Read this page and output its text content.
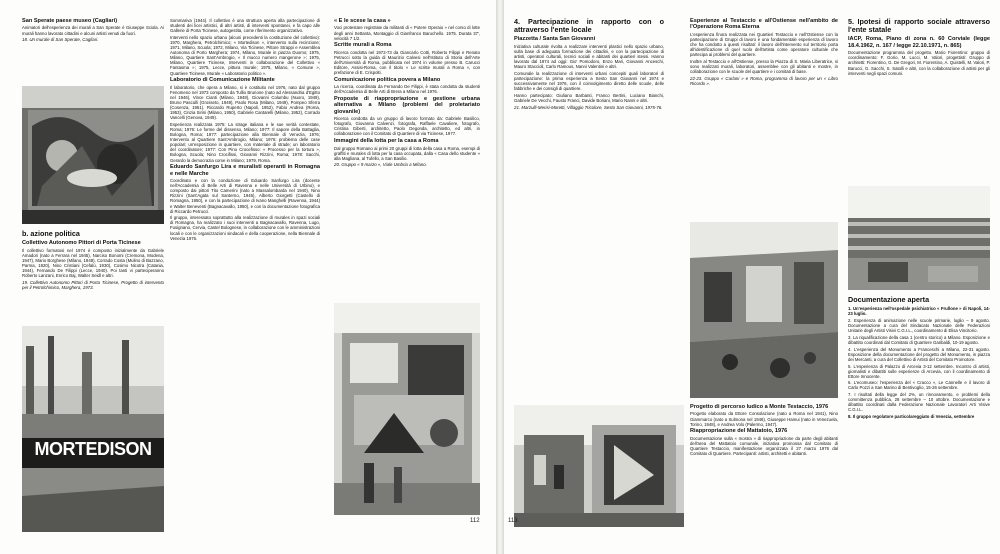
San Sperate paese museo (Cagliari)

Animatori dell'esperienza dei murali a San Sperate è Giuseppe Sciola. Ai murali hanno lavorato cittadini e alcuni artisti venuti da fuori.

18. Un murale di San Sperate, Cagliari.
b. azione politica
Collettivo Autonomo Pittori di Porta Ticinese

Il collettivo formatosi nel 1974 è composto inizialmente da Gabriele Amadori (nato a Ferrara nel 1945), Narciso Bonomi (Cremona, Modena, 1947), Mario Borghese (Milano, 1948), Corrado Costa (Mulino di Bazzano, Parma, 1920), Nino Cristiani (Cefalù, 1930), Cosimo Nicotra (Catania, 1944), Fernando De Filippi (Lecce, 1940). Poi tanti vi parteciperanno Roberto Lanzani, Enrico Baj, Walter Seidl e altri.

19. Collettivo Autonomo Pittori di Porta Ticinese, Progetto di intervento per il Petrolchimico, Marghera, 1973.
MORTEDISON

Sommariva (1944). Il collettivo è una struttura aperta alla partecipazione di studenti dei licei artistici, di altri artisti, di interventi spontanei, e fa capo alle Gallerie di Porta Ticinese, autogestita, come riferimento organizzativo.

Interventi nello spazio urbano (alcuni precedenti la costituzione del collettivo): 1970, Marghera, Petrolchimico; « Mortedison », intervento sulla recinzione; 1971, Milano, Scuola; 1972, Milano, Via Ticinese, Pittore Strappi e Assemblea Autonoma di Porto Marghera; 1974, Milano, Murale in piazza Duomo; 1975, Milano, Quartiere Sant'Ambrogio, « Il mucco numero mangerone »; 1975, Milano, Quartiere Ticinese, Interventi in collaborazione del Collettivo « Fantasma »; 1975, Lecce, pittura murale; 1975, Milano, « Comune », Quartiere Ticinese, Murale « Laboratorio politico ».

Laboratorio di Comunicazione Militante

Il laboratorio, che opera a Milano, si è costituito nel 1976, nato dal gruppo Fenomeno nel 1973 composto da Tullio Brunone (nato ad Alessandria d'Egitto nel 1946), Vince Cianti (Milano, 1948), Giovanni Columbu (Nuoro, 1949), Bruno Pasculli (Grosseto, 1949), Paolo Rosa (Milano, 1949), Pompeo Sferra (Cosenza, 1951). Riccardo Ruperto (Napoli, 1952), Fabio Andrea (Roma, 1953), Cinzia Sirini (Milano, 1950), Gabriele Cantarelli (Milano, 1952), Corrado Vancelli (Genova, 1949).

Esperienza realizzata 1975: La strage italiana e le sue verità contestate, Roma; 1976: Le forme del dissenso, Milano; 1977: Il sapore della Battaglia, Bologna, Roma; 1977: partecipazione alla Biennale di Venezia, 1976; Intervento al Quartiere Sant'Ambrogio, Milano; 1976: problema delle case popolari; un'esposizione in quartiere, con materiale di strade; un laboratorio del coordinatore; 1977: Con Pino Crocefisso: « Processo per la tortura », Bologna, Scuola; Nino Crocifissi, Giovanni Rizzini, Roma; 1978: Sacchi, Gerardo la democrazia come in Milano; 1979, Roma.

Eduardo Sanfurgo Lira e muralisti operanti in Romagna e nelle Marche

Coordinato e con la conduzione di Eduardo Sanfurgo Lira (docente nell'Accademia di Belle Arti di Ravenna e nelle Università di Urbino), e composto dai pittori Tito Camerini (nato a Massalombarda nel 1940), Nino Rizzini (Sant'Agata sul Santerno, 1946), Alberto Giorgetti (Castello di Romagna, 1950), e con la partecipazione di Ivano Manghelli (Ravenna, 1944) e Walter Beneventi (Bagnacavallo, 1950), e con la documentazione fotografica di Riccardo Petrucci.

Il gruppo, interessato soprattutto alla realizzazione di murales in spazi sociali di Romagna, ha realizzato i suoi interventi a Bagnacavallo, Ravenna, Lugo, Fusignano, Cervia, Castel Bolognese, in collaborazione con le amministrazioni locali e con le organizzazioni sindacali e della cooperazione, nella Biennale di Venezia 1976.

« E le scese la casa »

Voci protestare registrate da militanti di « Potere Operaio » nel corso di lotte degli anni Settanta, Montaggio di Gianfranco Baruchello. 1975. Durata 37', velocità 7 1/2.

Scritte murali a Roma

Ricerca condotta nel 1972-73 da Giancarlo Cotti, Roberto Filippi e Renato Petrucci sotto la guida di Maurizio Calvesi nell'Istituto di Storia dell'Arte dell'Università di Roma, pubblicata nel 1974 in volume presso B. Carucci Editore, Assisi-Roma, con il titolo « Le scritte murali a Roma », con prefazione di E. Crispolti.

Comunicazione politica povera a Milano

La ricerca, coordinata da Fernando De Filippi, è stata condotta da studenti dell'Accademia di Belle Arti di Brera a Milano nel 1976.

Proposte di riappropriazione e gestione urbana alternativa a Milano (problemi del proletariato giovanile)

Ricerca condotta da un gruppo di lavoro formato da: Gabriele Basilico, fotografo, Giovanna Calvenzi, fotografa, Raffaele Cavaliere, fotografo, Cristina Giberti, architetto, Paolo Degonda, architetto, ed altri, in collaborazione con il Comitato di Quartiere di via Ticinese, 1977.

Immagini della lotta per la casa a Roma

Dal gruppo Romano ai primi 20 gruppi di lotta della casa a Roma, esempi di graffiti e murales di lotta per la casa occupata, dalla « Casa dello studente » alla Magliana, al Tufello, a San Basilio.

20. Gruppo « 9 marzo », Viale Umbria a Milano.
112
4. Partecipazione in rapporto con o attraverso l'ente locale
Piazzetta / Santa San Giovanni

Iniziativa culturale rivolta a realizzare interventi plastici nello spazio urbano, sulla base di adeguata formazione dei cittadini, e con la partecipazione di artisti, operatori culturali, tecnici sociali e abitanti dei quartieri stessi. Hanno lavorato dal 1974 ad oggi: Gio' Pomodoro, Enzo Mari, Giovanni Anceschi, Mauro Staccioli, Carlo Ramous, Nanni Valentini e altri.

Comunale la realizzazione di interventi urbani concepiti quali laboratori di partecipazione: la prima esperienza a Sesto San Giovanni nel 1974 e successivamente nel 1976, con il coinvolgimento diretto delle scuole, delle fabbriche e dei consigli di quartiere.

Hanno partecipato: Giuliano Barbanti, Franco Bertini, Luciano Bianchi, Gabriele De Vecchi, Fausto Franci, Davide Boriani, Mario Nanni e altri.

21. Marzulli-Merisi-Moretti, Villaggio Tricolore, Sesto San Giovanni, 1975-76.
Esperienze al Testaccio e all'Ostiense nell'ambito de l'Operazione Roma Eterna

L'esperienza finora realizzata nei Quartieri Testaccio e nell'Ostiense con la partecipazione di Gruppi di lavoro è una fondamentale esperienza di lavoro che ha condotto a questi risultati: il lavoro dell'intervento sul territorio porta all'identificazione di quel ruolo dell'artista come operatore culturale che partecipa ai problemi del quartiere.

Inoltre al Testaccio e all'Ostiense, presso la Piazza di S. Maria Liberatrice, si sono realizzati murali, laboratori, assemblee con gli abitanti e mostre, in collaborazione con le scuole del quartiere e i comitati di base.

22-23. Gruppo « Carlani » e Roma, programma di lavoro per un « Libro Ricordo ».
Progetto di percorso ludico a Monte Testaccio, 1976

Progetto elaborato da Ettore Consolazione (nato a Roma nel 1941), Nino Giammarco (nato a Sulmona nel 1948), Giuseppe Hamui (nato in Venezuela, Torino, 1948), e Andrea Volo (Palermo, 1947).

Riappropriazione del Mattatoio, 1976

Documentazione sulla « mostra » di riappropriazione da parte degli abitanti dell'area del Mattatoio comunale, iniziativa promossa dal Comitato di Quartiere Testaccio, manifestazione organizzata il 27 marzo 1976 dal Comitato di Quartiere. Partecipanti: artisti, architetti e abitanti.

5. Ipotesi di rapporto sociale attraverso l'ente statale
IACP, Roma, Piano di zona n. 60 Corviale (legge 18.4.1962, n. 167 / legge 22.10.1971, n. 865)

Documentazione programma del progetto. Mario Fiorentino: gruppo di coordinamento: F. Gorio, M. Lucci, M. Valori, progettisti: Gruppo di architetti: Fiorentino, G. De Gregori, M. Fiorentino, A. Quistelli, M. Valori, P. Barucci, G. Sacchi, S. Satolli e altri, con la collaborazione di artisti per gli interventi negli spazi comuni.

Documentazione aperta

1. Un'esperienza nell'ospedale psichiatrico « Frullone » di Napoli, 14-23 luglio.

2. Esperienza di animazione nelle scuole primarie, luglio – 9 agosto. Documentazione a cura del Sindacato Nazionale delle Federazioni Unitarie degli Artisti Visivi C.G.I.L., coordinamento di Elisa Vincitorio.

3. La riqualificazione della casa 1 (centro storico) a Milano. Esposizione e dibattito coordinati dal Comitato di Quartiere Garibaldi, 10-19 agosto.

4. L'esperienza del Monumento a Franceschi a Milano, 22-31 agosto. Esposizione della documentazione del progetto del Monumento, in piazza dei Mercanti, a cura del Collettivo di Artisti del Comitato Promotore.

5. L'esperienza di Palazzo di Arcevia 3-12 settembre. Incontro di artisti, giornalisti e dibattiti sulle esperienze di Arcevia, con il coordinamento di Ettore Innocente.

6. L'ecomuseo: l'esperienza del « Cracco », Le Cannelle e il lavoro di Carlo Pozzi a San Marino di Bentivoglio, 15-26 settembre.

7. I risultati della legge del 2%, un rinnovamento, e problemi della committenza pubblica, 28 settembre – 10 ottobre. Documentazione e dibattito coordinati dalla Federazione Nazionale Lavoratori Arti Visive C.G.I.L.

8. Il gruppo regolatore particolareggiato di Venezia, settembre

113
